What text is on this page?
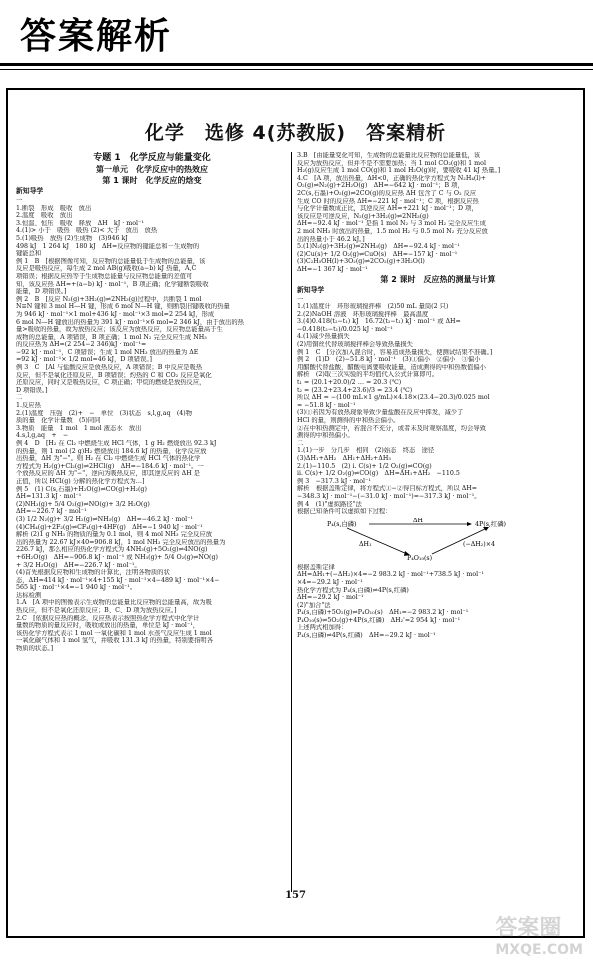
答案解析
化学　选修 4(苏教版)　答案精析
专题 1　化学反应与能量变化
第一单元　化学反应中的热效应
第 1 课时　化学反应的焓变
新知导学
一
1.断裂　形成　吸收　放出
2.温度　吸收　放出
3.恒温、恒压　吸收　释放　ΔH　kJ · mol⁻¹
4.(1)> 小于　吸热　吸热 (2)< 大于　放出　放热
5.(1)吸热　放热 (2)生成物　(3)946 kJ
498 kJ　1 264 kJ　180 kJ　ΔH=反应物的键能总和－生成物的
键能总和
例 1　B　[根据图像可知，反应物的总能量低于生成物的总能量，该
反应是吸热反应，每生成 2 mol AB(g)吸收(a−b) kJ 热量，A,C
项错误；根据反应热等于生成物总能量与反应物总能量的差值可
知，该反应热 ΔH=+(a−b) kJ · mol⁻¹，B 项正确；化学键断裂吸收
能量，D 项错误。]
例 2　B　[反应 N₂(g)+3H₂(g)⇌2NH₃(g)过程中，共断裂 1 mol
N≡N 键和 3 mol H—H 键，形成 6 mol N—H 键，则断裂旧键吸收的热量
为 946 kJ · mol⁻¹×1 mol+436 kJ · mol⁻¹×3 mol=2 254 kJ，形成
6 mol N—H 键放出的热量为 391 kJ · mol⁻¹×6 mol=2 346 kJ，由于放出的热
量>吸收的热量，故为放热反应；该反应为放热反应，反应物总能量高于生
成物的总能量，A 项错误，B 项正确；1 mol N₂ 完全反应生成 NH₃
的反应热为 ΔH=(2 254−2 346)kJ · mol⁻¹=
−92 kJ · mol⁻¹，C 项错误；生成 1 mol NH₃ 放出的热量为 ΔE
=92 kJ · mol⁻¹× 1/2 mol=46 kJ，D 项错误。]
例 3　C　[Al 与盐酸反应是放热反应，A 项错误；B 中反应是吸热
反应，但不是氧化还原反应，B 项错误；灼热的 C 和 CO₂ 反应是氧化
还原反应，同时又是吸热反应，C 项正确；甲烷的燃烧是放热反应，
D 项错误。]
二
1.反应热
2.(1)温度　压强　(2)+　−　单位　(3)状态　s,l,g,aq　(4)物
质的量　化学计量数　(5)同同
3.物质　能量　1 mol　1 mol 液态水　放出
4.s,l,g,aq　+　−
例 4　D　[H₂ 在 Cl₂ 中燃烧生成 HCl 气体，1 g H₂ 燃烧放出 92.3 kJ
的热量，则 1 mol (2 g)H₂ 燃烧放出 184.6 kJ 的热量，化学反应放
出热量，ΔH 为"−"。则 H₂ 在 Cl₂ 中燃烧生成 HCl 气体的热化学
方程式为 H₂(g)+Cl₂(g)⇌2HCl(g)　ΔH=−184.6 kJ · mol⁻¹。一
个放热反应的 ΔH 为"−"，逆向为吸热反应，即其逆反应的 ΔH 是
正值，所以 HCl(g) 分解的热化学方程式为…]
例 5　(1) C(s,石墨)+H₂O(g)⇌CO(g)+H₂(g)
ΔH=131.3 kJ · mol⁻¹
(2)NH₃(g)+ 5/4 O₂(g)⇌NO(g)+ 3/2 H₂O(g)
ΔH=−226.7 kJ · mol⁻¹
(3) 1/2 N₂(g)+ 3/2 H₂(g)⇌NH₃(g)　ΔH=−46.2 kJ · mol⁻¹
(4)CH₄(g)+2F₂(g)⇌CF₄(g)+4HF(g)　ΔH=−1 940 kJ · mol⁻¹
解析 (2)1 g NH₃ 的物质的量为 0.1 mol，则 4 mol NH₃ 完全反应放
出的热量为 22.67 kJ×40=906.8 kJ，1 mol NH₃ 完全反应放出的热量为
226.7 kJ，那么相应的热化学方程式为 4NH₃(g)+5O₂(g)⇌4NO(g)
+6H₂O(g)　ΔH=−906.8 kJ · mol⁻¹ 或 NH₃(g)+ 5/4 O₂(g)⇌NO(g)
+ 3/2 H₂O(g)　ΔH=−226.7 kJ · mol⁻¹。
(4)首先根据反应物和生成物的计算比，注明各物质的状
态，ΔH=414 kJ · mol⁻¹×4+155 kJ · mol⁻¹×4−489 kJ · mol⁻¹×4−
565 kJ · mol⁻¹×4=−1 940 kJ · mol⁻¹。
达标检测
1.A　[A 项中的图像表示生成物的总能量比反应物的总能量高，故为吸
热反应，但不是氧化还原反应；B、C、D 项为放热反应。]
2.C　[依据反应热的概念，反应热表示按照热化学方程式中化学计
量数的物质的量反应时，吸收或放出的热量，单位是 kJ · mol⁻¹，
该热化学方程式表示 1 mol 一氧化碳和 1 mol 水蒸气反应生成 1 mol
一氧化碳气体和 1 mol 氢气，并吸收 131.3 kJ 的热量，特别要指明各
物质的状态。]
3.B　[由能量变化可知，生成物的总能量比反应物的总能量低，该
反应为放热反应，但并不是不需要加热；当 1 mol CO₂(g)和 1 mol
H₂(g)反应生成 1 mol CO(g)和 1 mol H₂O(g)时，要吸收 41 kJ 热量。]
4.C　[A 项，放出热量，ΔH<0，正确的热化学方程式为 N₂H₄(l)+
O₂(g)⇌N₂(g)+2H₂O(g)　ΔH=−642 kJ · mol⁻¹；B 项，
2C(s,石墨)+O₂(g)⇌2CO(g)的反应热 ΔH 包含了 C 与 O₂ 反应
生成 CO 时的反应热 ΔH=−221 kJ · mol⁻¹；C 项，根据反应热
与化学计量数成正比，其逆反应 ΔH=+221 kJ · mol⁻¹；D 项，
该反应是可逆反应，N₂(g)+3H₂(g)⇌2NH₃(g)
ΔH=−92.4 kJ · mol⁻¹ 是指 1 mol N₂ 与 3 mol H₂ 完全反应生成
2 mol NH₃ 时放出的热量，1.5 mol H₂ 与 0.5 mol N₂ 充分反应放
出的热量小于 46.2 kJ。]
5.(1)N₂(g)+3H₂(g)⇌2NH₃(g)　ΔH=−92.4 kJ · mol⁻¹
(2)Cu(s)+ 1/2 O₂(g)⇌CuO(s)　ΔH=−157 kJ · mol⁻¹
(3)C₂H₅OH(l)+3O₂(g)⇌2CO₂(g)+3H₂O(l)
ΔH=−1 367 kJ · mol⁻¹
第 2 课时　反应热的测量与计算
新知导学
一
1.(1)温度计　环形玻璃搅拌棒　(2)50 mL 量筒(2 只)
2.(2)NaOH 溶液　环形玻璃搅拌棒　最高温度
3.(4)0.418(t₂−t₁) kJ　16.72(t₂−t₁) kJ · mol⁻¹ 或 ΔH=
−0.418(t₂−t₁)/0.025 kJ · mol⁻¹
4.(1)减少热量损失
(2)用铜丝代替玻璃搅拌棒会导致热量损失
例 1　C　[分次加入混合时，容易造成热量损失，使测试结果不准确。]
例 2　(1)D　(2)−51.8 kJ · mol⁻¹　(3)①偏小　②偏小　③偏小
用醋酸代替盐酸，醋酸电离要吸收能量，造成测得的中和热数值偏小
解析　(2)取三次实验的平均值代入公式计算即可。
t₁ = (20.1+20.0)/2 … = 20.3 (℃)
t₂ = (23.2+23.4+23.6)/3 = 23.4 (℃)
所以 ΔH = −(100 mL×1 g/mL)×4.18×(23.4−20.3)/0.025 mol
≈ −51.8 kJ · mol⁻¹
(3)①若因为有放热现象导致少量盐酸在反应中挥发，减少了
HCl 的量，则测得的中和热会偏小。
②在中和热测定中，若混合不充分，或者未及时观察温度，均会导致
测得的中和热偏小。
二
1.(1)一步　分几步　相同　(2)始态　终态　途径
(3)ΔH₁+ΔH₂　ΔH₁+ΔH₂+ΔH₃
2.(1)−110.5　(2) i. C(s)+ 1/2 O₂(g)⇌CO(g)
ii. C(s)+ 1/2 O₂(g)⇌CO(g)　ΔH=ΔH₁+ΔH₂　−110.5
例 3　−317.3 kJ · mol⁻¹
解析　根据盖斯定律，将方程式①−②得目标方程式，所以 ΔH=
−348.3 kJ · mol⁻¹−(−31.0 kJ · mol⁻¹)=−317.3 kJ · mol⁻¹。
例 4　(1)"虚拟路径"法
根据已知条件可以虚拟如下过程：
P₄(s,白磷)	4P(s,红磷)
ΔH
ΔH₁	(−ΔH₂)×4
P₄O₁₀(s)
根据盖斯定律
ΔH=ΔH₁+(−ΔH₂)×4=−2 983.2 kJ · mol⁻¹+738.5 kJ · mol⁻¹
×4=−29.2 kJ · mol⁻¹
热化学方程式为 P₄(s,白磷)⇌4P(s,红磷)
ΔH=−29.2 kJ · mol⁻¹
(2)"加合"法
P₄(s,白磷)+5O₂(g)⇌P₄O₁₀(s)　ΔH₁=−2 983.2 kJ · mol⁻¹
P₄O₁₀(s)⇌5O₂(g)+4P(s,红磷)　ΔH₂'=2 954 kJ · mol⁻¹
上述两式相加得：
P₄(s,白磷)⇌4P(s,红磷)　ΔH=−29.2 kJ · mol⁻¹
157
答案圈
MXQE.COM
